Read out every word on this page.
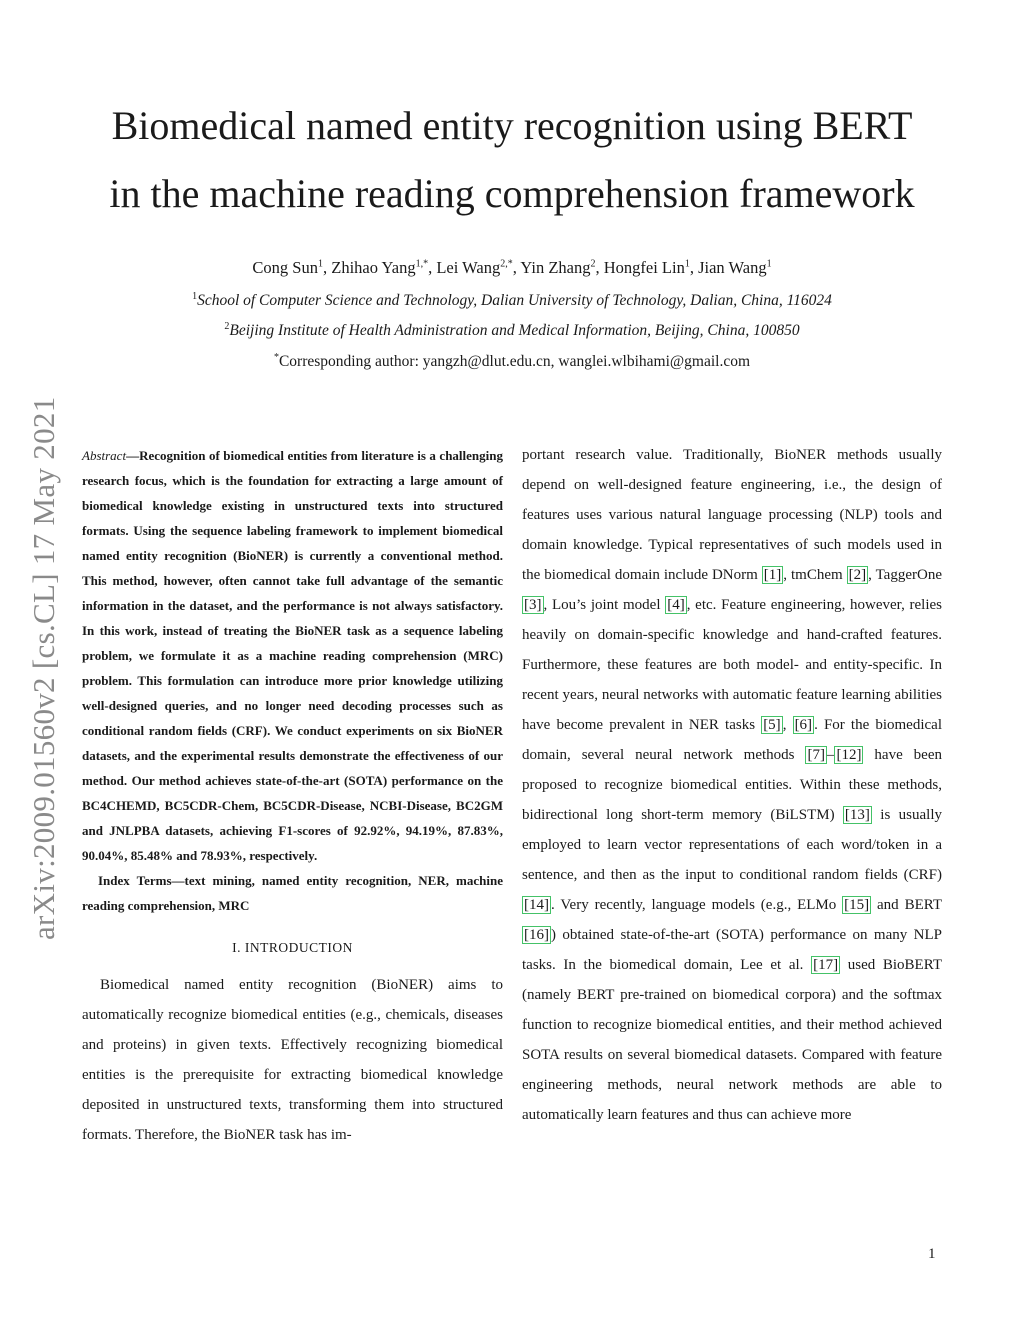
Biomedical named entity recognition using BERT
in the machine reading comprehension framework
Cong Sun$^1$, Zhihao Yang$^{1,*}$, Lei Wang$^{2,*}$, Yin Zhang$^2$, Hongfei Lin$^1$, Jian Wang$^1$
$^1$School of Computer Science and Technology, Dalian University of Technology, Dalian, China, 116024
$^2$Beijing Institute of Health Administration and Medical Information, Beijing, China, 100850
*Corresponding author: yangzh@dlut.edu.cn, wanglei.wlbihami@gmail.com
arXiv:2009.01560v2 [cs.CL] 17 May 2021	Abstract—Recognition of biomedical entities from literature is a challenging research focus, which is the foundation for extracting a large amount of biomedical knowledge existing in unstructured texts into structured formats. Using the sequence labeling framework to implement biomedical named entity recognition (BioNER) is currently a conventional method. This method, however, often cannot take full advantage of the semantic information in the dataset, and the performance is not always satisfactory. In this work, instead of treating the BioNER task as a sequence labeling problem, we formulate it as a machine reading comprehension (MRC) problem. This formulation can introduce more prior knowledge utilizing well-designed queries, and no longer need decoding processes such as conditional random fields (CRF). We conduct experiments on six BioNER datasets, and the experimental results demonstrate the effectiveness of our method. Our method achieves state-of-the-art (SOTA) performance on the BC4CHEMD, BC5CDR-Chem, BC5CDR-Disease, NCBI-Disease, BC2GM and JNLPBA datasets, achieving F1-scores of 92.92%, 94.19%, 87.83%, 90.04%, 85.48% and 78.93%, respectively.

Index Terms—text mining, named entity recognition, NER, machine reading comprehension, MRC

I. INTRODUCTION

Biomedical named entity recognition (BioNER) aims to automatically recognize biomedical entities (e.g., chemicals, diseases and proteins) in given texts. Effectively recognizing biomedical entities is the prerequisite for extracting biomedical knowledge deposited in unstructured texts, transforming them into structured formats. Therefore, the BioNER task has im-

portant research value. Traditionally, BioNER methods usually depend on well-designed feature engineering, i.e., the design of features uses various natural language processing (NLP) tools and domain knowledge. Typical representatives of such models used in the biomedical domain include DNorm [1] , tmChem [2] , TaggerOne [3] , Lou’s joint model [4] , etc. Feature engineering, however, relies heavily on domain-specific knowledge and hand-crafted features. Furthermore, these features are both model- and entity-specific. In recent years, neural networks with automatic feature learning abilities have become prevalent in NER tasks [5] , [6] . For the biomedical domain, several neural network methods [7] – [12] have been proposed to recognize biomedical entities. Within these methods, bidirectional long short-term memory (BiLSTM) [13] is usually employed to learn vector representations of each word/token in a sentence, and then as the input to conditional random fields (CRF) [14] . Very recently, language models (e.g., ELMo [15] and BERT [16] ) obtained state-of-the-art (SOTA) performance on many NLP tasks. In the biomedical domain, Lee et al. [17] used BioBERT (namely BERT pre-trained on biomedical corpora) and the softmax function to recognize biomedical entities, and their method achieved SOTA results on several biomedical datasets. Compared with feature engineering methods, neural network methods are able to automatically learn features and thus can achieve more

1
